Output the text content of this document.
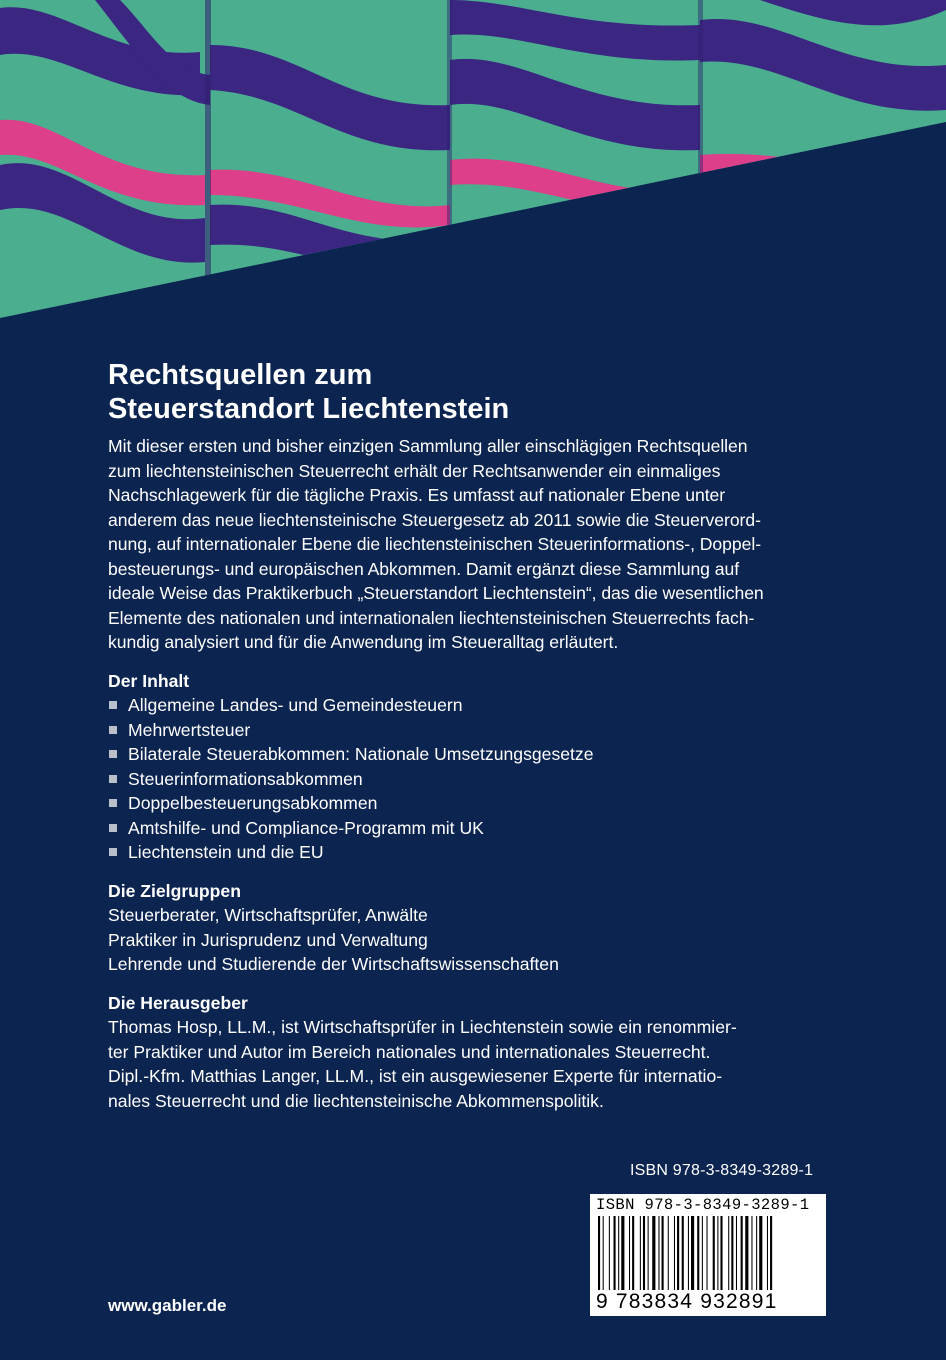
Rechtsquellen zum
Steuerstandort Liechtenstein

Mit dieser ersten und bisher einzigen Sammlung aller einschlägigen Rechtsquellen
zum liechtensteinischen Steuerrecht erhält der Rechtsanwender ein einmaliges
Nachschlagewerk für die tägliche Praxis. Es umfasst auf nationaler Ebene unter
anderem das neue liechtensteinische Steuergesetz ab 2011 sowie die Steuerverord-
nung, auf internationaler Ebene die liechtensteinischen Steuerinformations-, Doppel-
besteuerungs- und europäischen Abkommen. Damit ergänzt diese Sammlung auf
ideale Weise das Praktikerbuch „Steuerstandort Liechtenstein“, das die wesentlichen
Elemente des nationalen und internationalen liechtensteinischen Steuerrechts fach-
kundig analysiert und für die Anwendung im Steueralltag erläutert.

Der Inhalt
Allgemeine Landes- und Gemeindesteuern
Mehrwertsteuer
Bilaterale Steuerabkommen: Nationale Umsetzungsgesetze
Steuerinformationsabkommen
Doppelbesteuerungsabkommen
Amtshilfe- und Compliance-Programm mit UK
Liechtenstein und die EU
Die Zielgruppen
Steuerberater, Wirtschaftsprüfer, Anwälte
Praktiker in Jurisprudenz und Verwaltung
Lehrende und Studierende der Wirtschaftswissenschaften
Die Herausgeber
Thomas Hosp, LL.M., ist Wirtschaftsprüfer in Liechtenstein sowie ein renommier-
ter Praktiker und Autor im Bereich nationales und internationales Steuerrecht.
Dipl.-Kfm. Matthias Langer, LL.M., ist ein ausgewiesener Experte für internatio-
nales Steuerrecht und die liechtensteinische Abkommenspolitik.
ISBN 978-3-8349-3289-1
ISBN 978-3-8349-3289-1
9 783834 932891
www.gabler.de
